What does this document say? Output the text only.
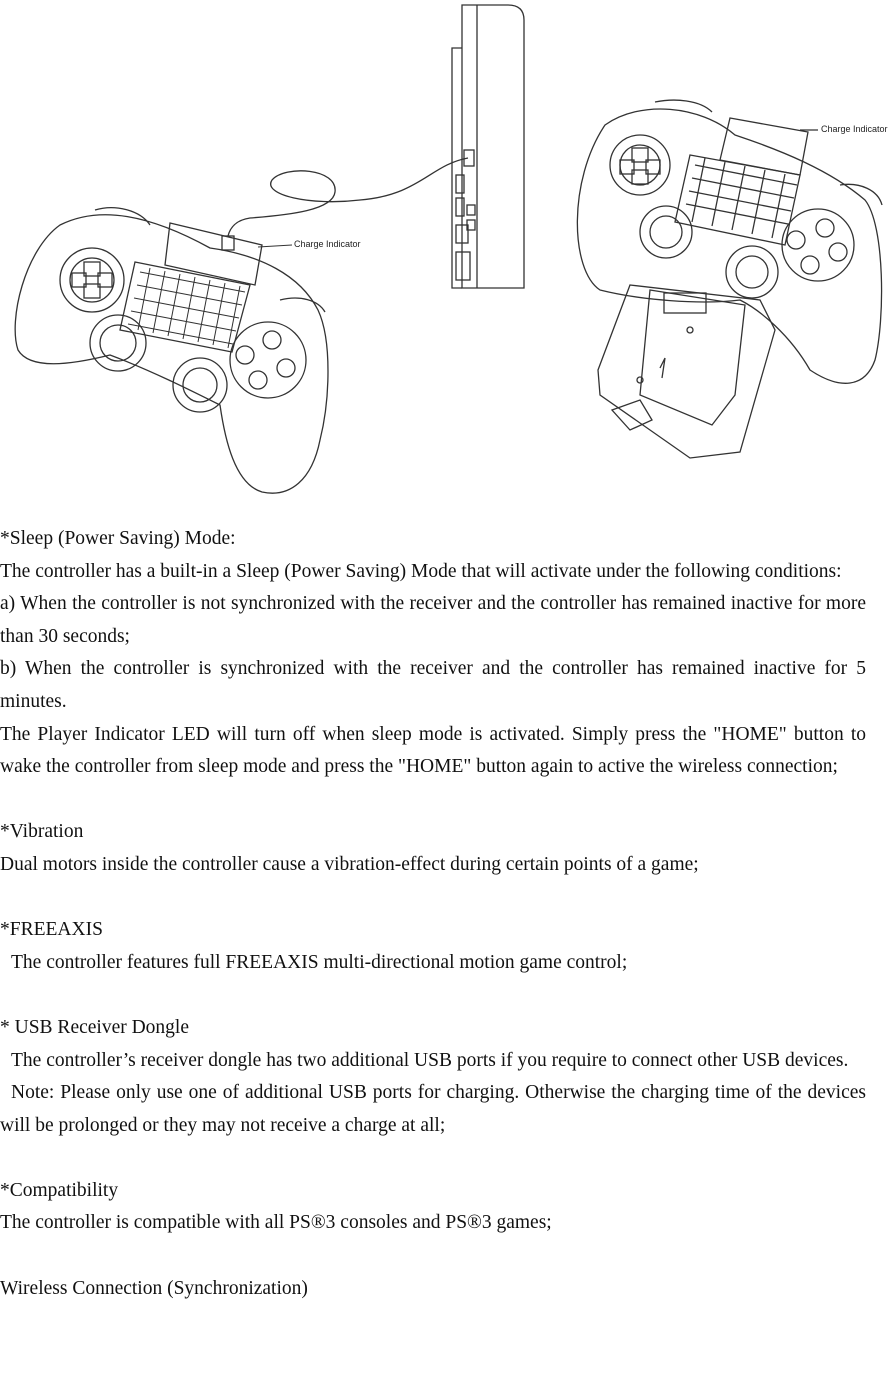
Charge Indicator
Charge Indicator

*Sleep (Power Saving) Mode:

The controller has a built-in a Sleep (Power Saving) Mode that will activate under the following conditions:

a) When the controller is not synchronized with the receiver and the controller has remained inactive for more than 30 seconds;

b) When the controller is synchronized with the receiver and the controller has remained inactive for 5 minutes.

The Player Indicator LED will turn off when sleep mode is activated. Simply press the "HOME" button to wake the controller from sleep mode and press the "HOME" button again to active the wireless connection;

*Vibration

Dual motors inside the controller cause a vibration-effect during certain points of a game;

*FREEAXIS

The controller features full FREEAXIS multi-directional motion game control;

* USB Receiver Dongle

The controller’s receiver dongle has two additional USB ports if you require to connect other USB devices.

Note: Please only use one of additional USB ports for charging. Otherwise the charging time of the devices will be prolonged or they may not receive a charge at all;

*Compatibility

The controller is compatible with all PS®3 consoles and PS®3 games;

Wireless Connection (Synchronization)
